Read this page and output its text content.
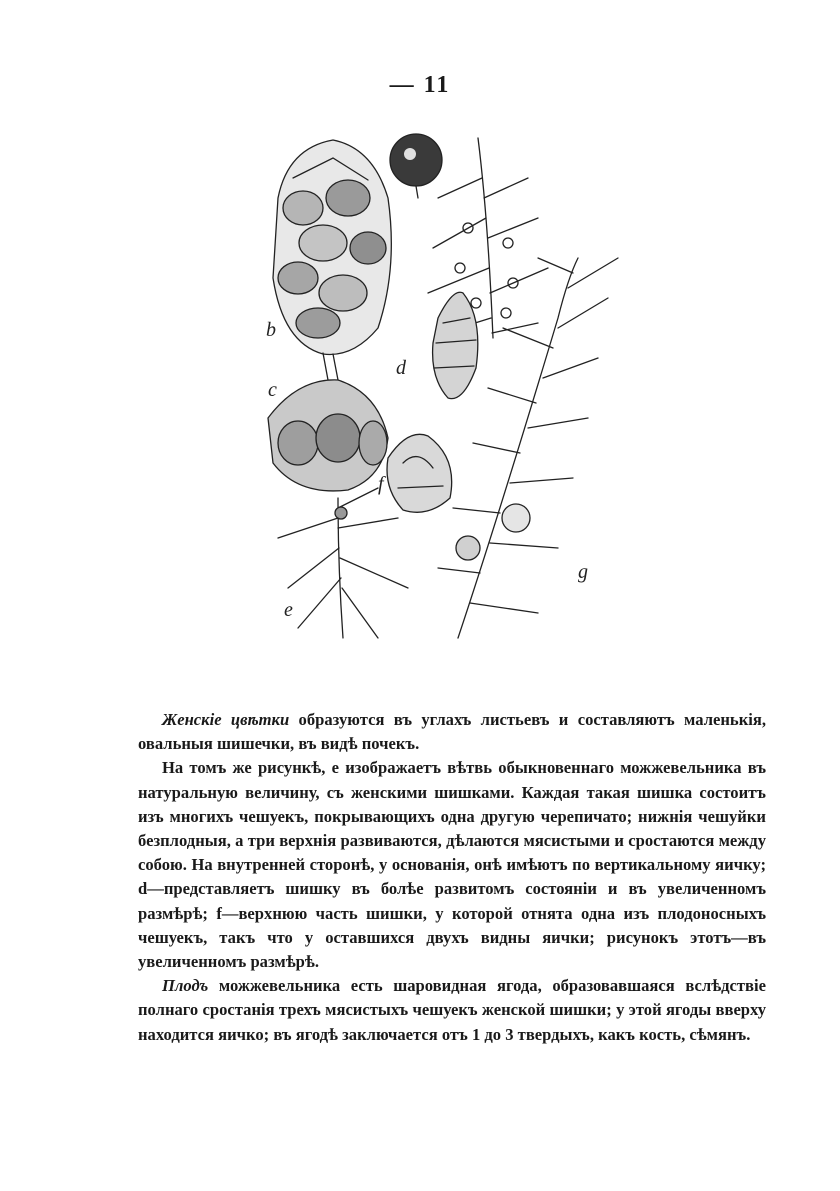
— 11
b
c
d
e
f
g

Женскіе цвѣтки образуются въ углахъ листьевъ и составляютъ маленькія, овальныя шишечки, въ видѣ почекъ.

На томъ же рисункѣ, e изображаетъ вѣтвь обыкновеннаго можжевельника въ натуральную величину, съ женскими шишками. Каждая такая шишка состоитъ изъ многихъ чешуекъ, покрывающихъ одна другую черепичато; нижнія чешуйки безплодныя, а три верхнія развиваются, дѣлаются мясистыми и сростаются между собою. На внутренней сторонѣ, у основанія, онѣ имѣютъ по вертикальному яичку; d—представляетъ шишку въ болѣе развитомъ состояніи и въ увеличенномъ размѣрѣ; f—верхнюю часть шишки, у которой отнята одна изъ плодоносныхъ чешуекъ, такъ что у оставшихся двухъ видны яички; рисунокъ этотъ—въ увеличенномъ размѣрѣ.

Плодъ можжевельника есть шаровидная ягода, образовавшаяся вслѣдствіе полнаго сростанія трехъ мясистыхъ чешуекъ женской шишки; у этой ягоды вверху находится яичко; въ ягодѣ заключается отъ 1 до 3 твердыхъ, какъ кость, сѣмянъ.
